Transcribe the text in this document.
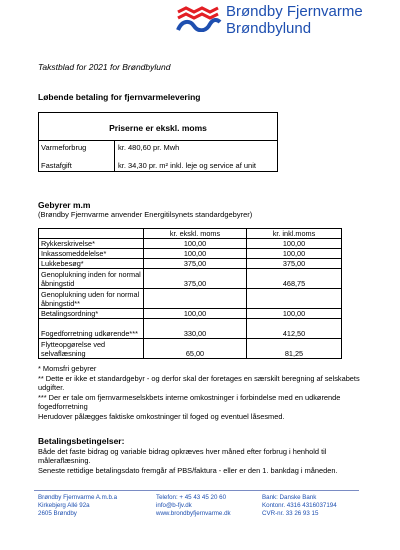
Brøndby Fjernvarme
Brøndbylund
Takstblad for 2021 for Brøndbylund
Løbende betaling for fjernvarmelevering
Priserne er ekskl. moms
Varmeforbrug	kr. 480,60 pr. Mwh
Fastafgift	kr. 34,30 pr. m² inkl. leje og service af unit
Gebyrer m.m
(Brøndby Fjernvarme anvender Energitilsynets standardgebyrer)
	kr. ekskl. moms	kr. inkl.moms
Rykkerskrivelse*	100,00	100,00
Inkassomeddelelse*	100,00	100,00
Lukkebesøg*	375,00	375,00
Genoplukning inden for normal åbningstid	375,00	468,75
Genoplukning uden for normal åbningstid**		
Betalingsordning*	100,00	100,00
Fogedforretning udkørende***	330,00	412,50
Flytteopgørelse ved selvaflæsning	65,00	81,25
* Momsfri gebyrer
** Dette er ikke et standardgebyr - og derfor skal der foretages en særskilt beregning af selskabets udgifter.
*** Der er tale om fjernvarmeselskbets interne omkostninger i forbindelse med en udkørende fogedforretning
Herudover pålægges faktiske omkostninger til foged og eventuel låsesmed.
Betalingsbetingelser:
Både det faste bidrag og variable bidrag opkræves hver måned efter forbrug i henhold til måleraflæsning.
Seneste rettidige betalingsdato fremgår af PBS/faktura - eller er den 1. bankdag i måneden.
Brøndby Fjernvarme A.m.b.a
Kirkebjerg Allé 92a
2605 Brøndby
Telefon: + 45 43 45 20 60
info@b-fjv.dk
www.brondbyfjernvarme.dk
Bank: Danske Bank
Kontonr. 4316 4316037194
CVR-nr. 33 26 93 15
